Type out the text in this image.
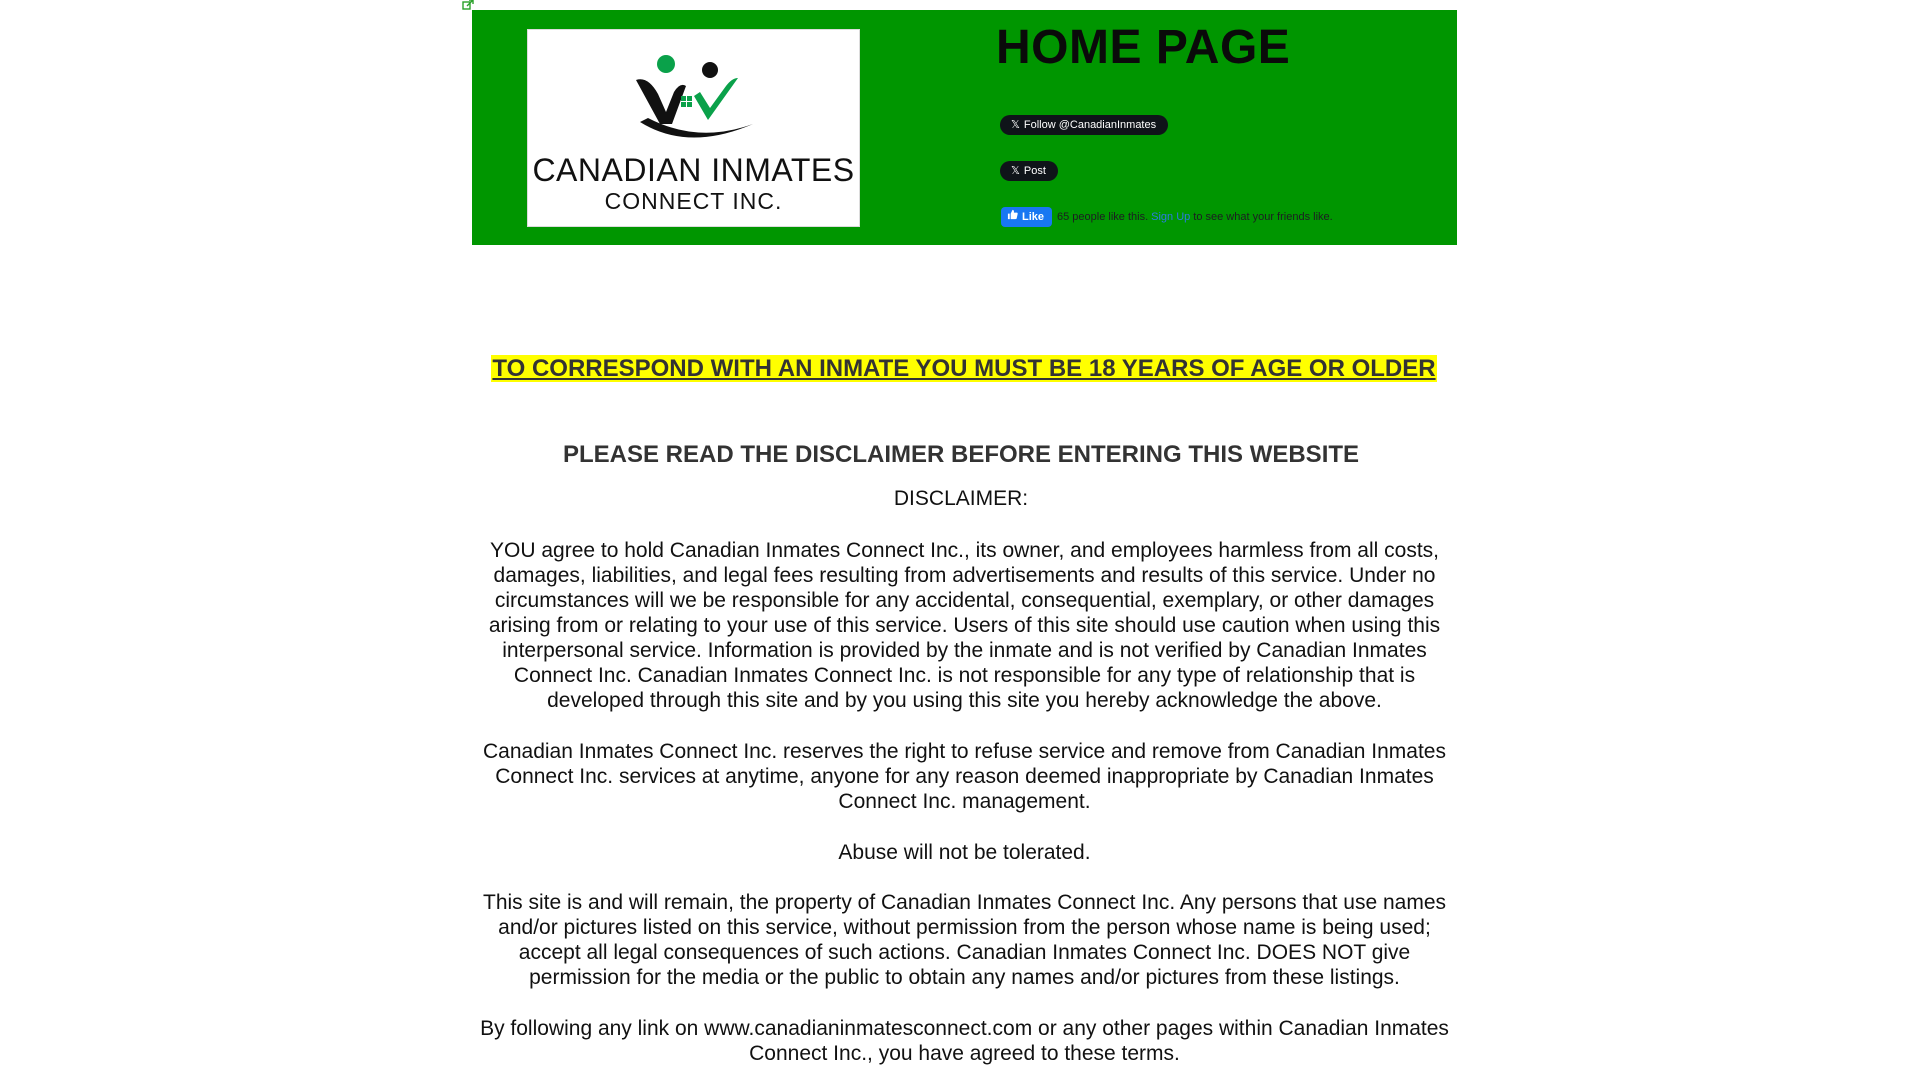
CANADIAN INMATES
CONNECT INC.
HOME PAGE
𝕏 Follow @CanadianInmates
𝕏 Post
Like 65 people like this. Sign Up to see what your friends like.
TO CORRESPOND WITH AN INMATE YOU MUST BE 18 YEARS OF AGE OR OLDER
PLEASE READ THE DISCLAIMER BEFORE ENTERING THIS WEBSITE
DISCLAIMER:
YOU agree to hold Canadian Inmates Connect Inc., its owner, and employees harmless from all costs, damages, liabilities, and legal fees resulting from advertisements and results of this service. Under no circumstances will we be responsible for any accidental, consequential, exemplary, or other damages arising from or relating to your use of this service. Users of this site should use caution when using this interpersonal service. Information is provided by the inmate and is not verified by Canadian Inmates Connect Inc. Canadian Inmates Connect Inc. is not responsible for any type of relationship that is developed through this site and by you using this site you hereby acknowledge the above.
Canadian Inmates Connect Inc. reserves the right to refuse service and remove from Canadian Inmates Connect Inc. services at anytime, anyone for any reason deemed inappropriate by Canadian Inmates Connect Inc. management.
Abuse will not be tolerated.
This site is and will remain, the property of Canadian Inmates Connect Inc. Any persons that use names and/or pictures listed on this service, without permission from the person whose name is being used; accept all legal consequences of such actions. Canadian Inmates Connect Inc. DOES NOT give permission for the media or the public to obtain any names and/or pictures from these listings.
By following any link on www.canadianinmatesconnect.com or any other pages within Canadian Inmates Connect Inc., you have agreed to these terms.
